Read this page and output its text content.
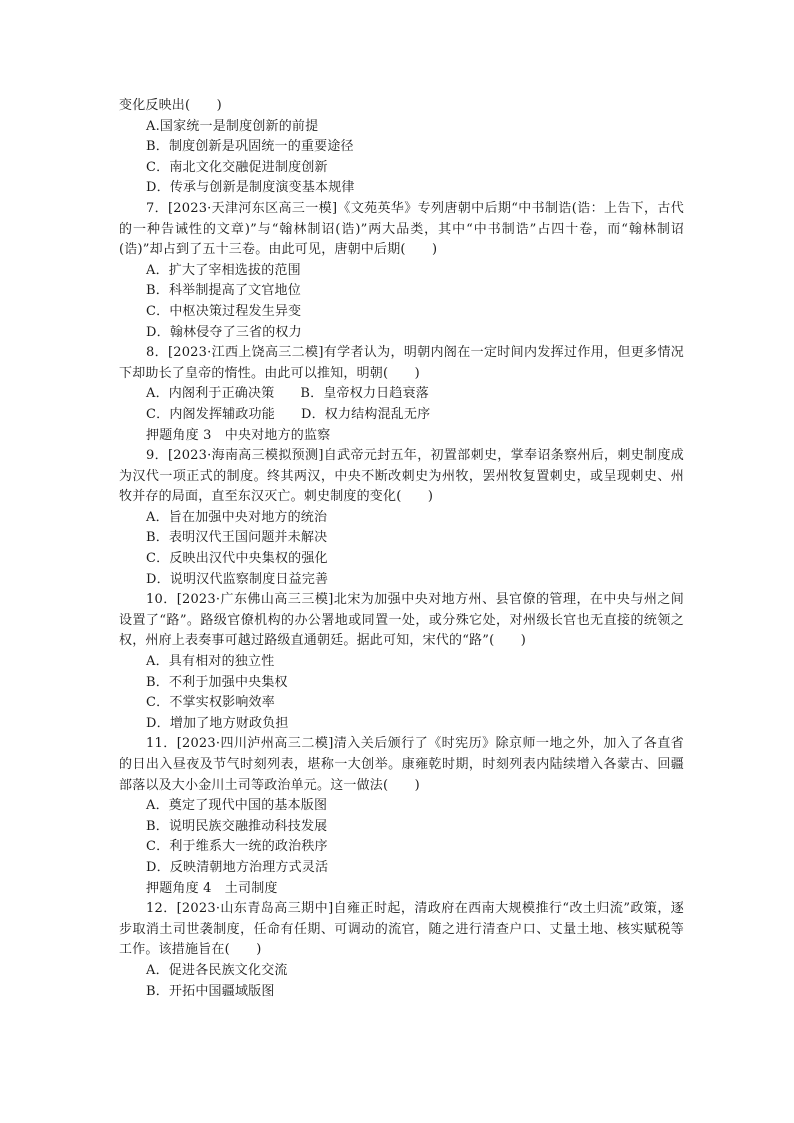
变化反映出(　　)
A.国家统一是制度创新的前提
B．制度创新是巩固统一的重要途径
C．南北文化交融促进制度创新
D．传承与创新是制度演变基本规律
7．[2023·天津河东区高三一模]《文苑英华》专列唐朝中后期“中书制诰(诰：上告下，古代的一种告诫性的文章)”与“翰林制诏(诰)”两大品类，其中“中书制诰”占四十卷，而“翰林制诏(诰)”却占到了五十三卷。由此可见，唐朝中后期(　　)
A．扩大了宰相选拔的范围
B．科举制提高了文官地位
C．中枢决策过程发生异变
D．翰林侵夺了三省的权力
8．[2023·江西上饶高三二模]有学者认为，明朝内阁在一定时间内发挥过作用，但更多情况下却助长了皇帝的惰性。由此可以推知，明朝(　　)
A．内阁利于正确决策 B．皇帝权力日趋衰落
C．内阁发挥辅政功能 D．权力结构混乱无序
押题角度 3　中央对地方的监察
9．[2023·海南高三模拟预测]自武帝元封五年，初置部刺史，掌奉诏条察州后，刺史制度成为汉代一项正式的制度。终其两汉，中央不断改刺史为州牧，罢州牧复置刺史，或呈现刺史、州牧并存的局面，直至东汉灭亡。刺史制度的变化(　　)
A．旨在加强中央对地方的统治
B．表明汉代王国问题并未解决
C．反映出汉代中央集权的强化
D．说明汉代监察制度日益完善
10．[2023·广东佛山高三三模]北宋为加强中央对地方州、县官僚的管理，在中央与州之间设置了“路”。路级官僚机构的办公署地或同置一处，或分殊它处，对州级长官也无直接的统领之权，州府上表奏事可越过路级直通朝廷。据此可知，宋代的“路”(　　)
A．具有相对的独立性
B．不利于加强中央集权
C．不掌实权影响效率
D．增加了地方财政负担
11．[2023·四川泸州高三二模]清入关后颁行了《时宪历》除京师一地之外，加入了各直省的日出入昼夜及节气时刻列表，堪称一大创举。康雍乾时期，时刻列表内陆续增入各蒙古、回疆部落以及大小金川土司等政治单元。这一做法(　　)
A．奠定了现代中国的基本版图
B．说明民族交融推动科技发展
C．利于维系大一统的政治秩序
D．反映清朝地方治理方式灵活
押题角度 4　土司制度
12．[2023·山东青岛高三期中]自雍正时起，清政府在西南大规模推行“改土归流”政策，逐步取消土司世袭制度，任命有任期、可调动的流官，随之进行清查户口、丈量土地、核实赋税等工作。该措施旨在(　　)
A．促进各民族文化交流
B．开拓中国疆域版图
